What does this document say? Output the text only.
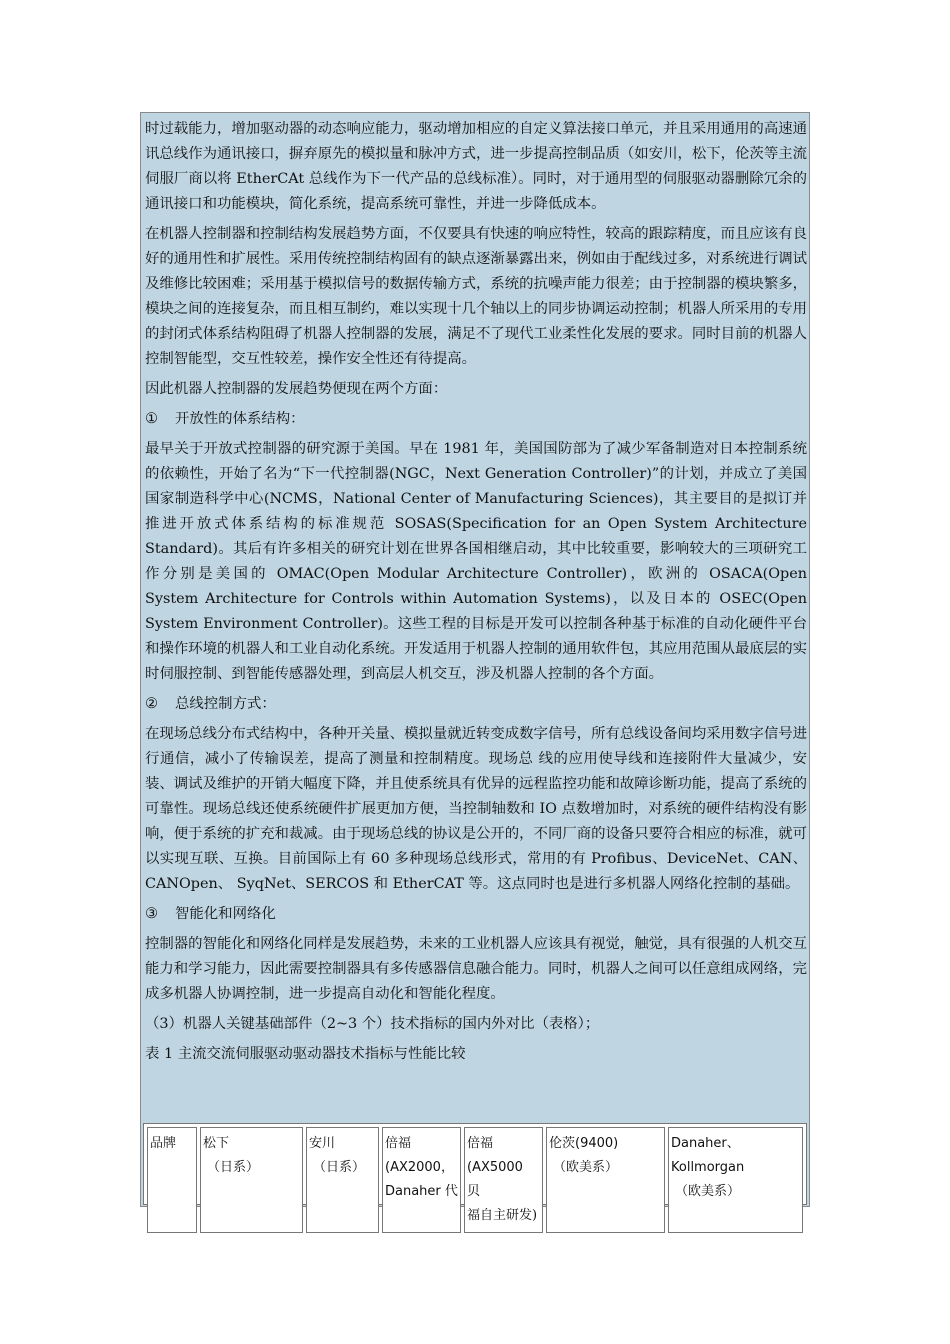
时过载能力，增加驱动器的动态响应能力，驱动增加相应的自定义算法接口单元，并且采用通用的高速通讯总线作为通讯接口，摒弃原先的模拟量和脉冲方式，进一步提高控制品质（如安川，松下，伦茨等主流伺服厂商以将 EtherCAt 总线作为下一代产品的总线标准）。同时，对于通用型的伺服驱动器删除冗余的通讯接口和功能模块，简化系统，提高系统可靠性，并进一步降低成本。

在机器人控制器和控制结构发展趋势方面，不仅要具有快速的响应特性，较高的跟踪精度，而且应该有良好的通用性和扩展性。采用传统控制结构固有的缺点逐渐暴露出来，例如由于配线过多，对系统进行调试及维修比较困难；采用基于模拟信号的数据传输方式，系统的抗噪声能力很差；由于控制器的模块繁多，模块之间的连接复杂，而且相互制约，难以实现十几个轴以上的同步协调运动控制；机器人所采用的专用的封闭式体系结构阻碍了机器人控制器的发展，满足不了现代工业柔性化发展的要求。同时目前的机器人控制智能型，交互性较差，操作安全性还有待提高。

因此机器人控制器的发展趋势便现在两个方面：

① 开放性的体系结构：

最早关于开放式控制器的研究源于美国。早在 1981 年，美国国防部为了减少军备制造对日本控制系统的依赖性，开始了名为“下一代控制器(NGC，Next Generation Controller)”的计划，并成立了美国国家制造科学中心(NCMS，National Center of Manufacturing Sciences)，其主要目的是拟订并推进开放式体系结构的标准规范 SOSAS(Specification for an Open System Architecture Standard)。其后有许多相关的研究计划在世界各国相继启动，其中比较重要，影响较大的三项研究工作分别是美国的 OMAC(Open Modular Architecture Controller)，欧洲的 OSACA(Open System Architecture for Controls within Automation Systems)，以及日本的 OSEC(Open System Environment Controller)。这些工程的目标是开发可以控制各种基于标准的自动化硬件平台和操作环境的机器人和工业自动化系统。开发适用于机器人控制的通用软件包，其应用范围从最底层的实时伺服控制、到智能传感器处理，到高层人机交互，涉及机器人控制的各个方面。

② 总线控制方式：

在现场总线分布式结构中，各种开关量、模拟量就近转变成数字信号，所有总线设备间均采用数字信号进行通信，减小了传输误差，提高了测量和控制精度。现场总 线的应用使导线和连接附件大量减少，安装、调试及维护的开销大幅度下降，并且使系统具有优异的远程监控功能和故障诊断功能，提高了系统的可靠性。现场总线还使系统硬件扩展更加方便，当控制轴数和 IO 点数增加时，对系统的硬件结构没有影响，便于系统的扩充和裁减。由于现场总线的协议是公开的，不同厂商的设备只要符合相应的标准，就可以实现互联、互换。目前国际上有 60 多种现场总线形式，常用的有 Profibus、DeviceNet、CAN、CANOpen、 SyqNet、SERCOS 和 EtherCAT 等。这点同时也是进行多机器人网络化控制的基础。

③ 智能化和网络化

控制器的智能化和网络化同样是发展趋势，未来的工业机器人应该具有视觉，触觉，具有很强的人机交互能力和学习能力，因此需要控制器具有多传感器信息融合能力。同时，机器人之间可以任意组成网络，完成多机器人协调控制，进一步提高自动化和智能化程度。

（3）机器人关键基础部件（2~3 个）技术指标的国内外对比（表格）；

表 1 主流交流伺服驱动驱动器技术指标与性能比较

品牌	松下
（日系）
	安川
（日系）
	倍福
(AX2000，
Danaher 代	倍福
(AX5000 贝
福自主研发)	伦茨(9400)
（欧美系）
	Danaher、Kollmorgan
（欧美系）
